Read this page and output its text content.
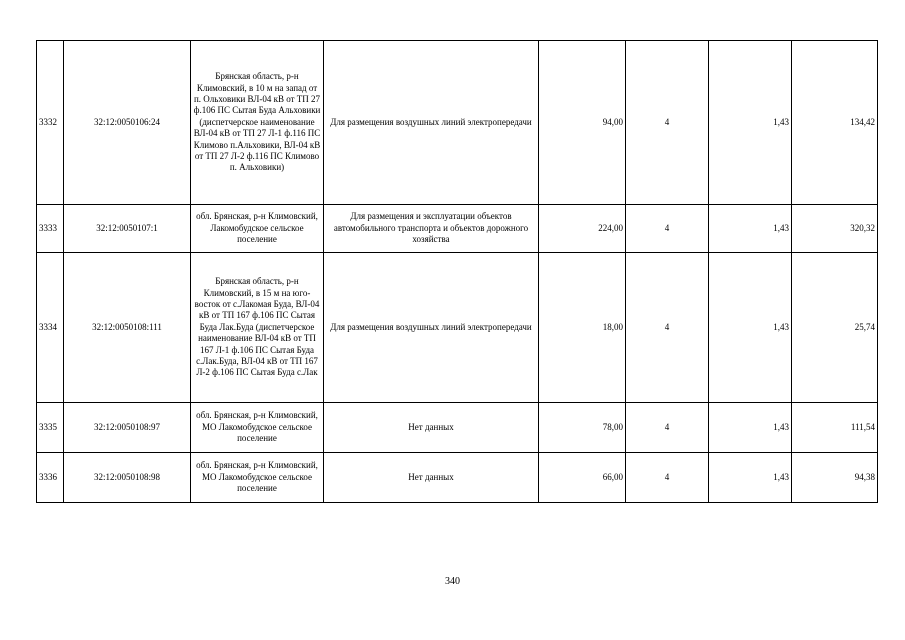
3332	32:12:0050106:24	Брянская область, р-н Климовский, в 10 м на запад от п. Ольховики ВЛ-04 кВ от ТП 27 ф.106 ПС Сытая Буда Альховики (диспетчерское наименование ВЛ-04 кВ от ТП 27 Л-1 ф.116 ПС Климово п.Альховики, ВЛ-04 кВ от ТП 27 Л-2 ф.116 ПС Климово п. Альховики)	Для размещения воздушных линий электропередачи	94,00	4	1,43	134,42
3333	32:12:0050107:1	обл. Брянская, р-н Климовский, Лакомобудское сельское поселение	Для размещения и эксплуатации объектов автомобильного транспорта и объектов дорожного хозяйства	224,00	4	1,43	320,32
3334	32:12:0050108:111	Брянская область, р-н Климовский, в 15 м на юго-восток от с.Лакомая Буда, ВЛ-04 кВ от ТП 167 ф.106 ПС Сытая Буда Лак.Буда (диспетчерское наименование ВЛ-04 кВ от ТП 167 Л-1 ф.106 ПС Сытая Буда с.Лак.Буда, ВЛ-04 кВ от ТП 167 Л-2 ф.106 ПС Сытая Буда с.Лак	Для размещения воздушных линий электропередачи	18,00	4	1,43	25,74
3335	32:12:0050108:97	обл. Брянская, р-н Климовский, МО Лакомобудское сельское поселение	Нет данных	78,00	4	1,43	111,54
3336	32:12:0050108:98	обл. Брянская, р-н Климовский, МО Лакомобудское сельское поселение	Нет данных	66,00	4	1,43	94,38
340
